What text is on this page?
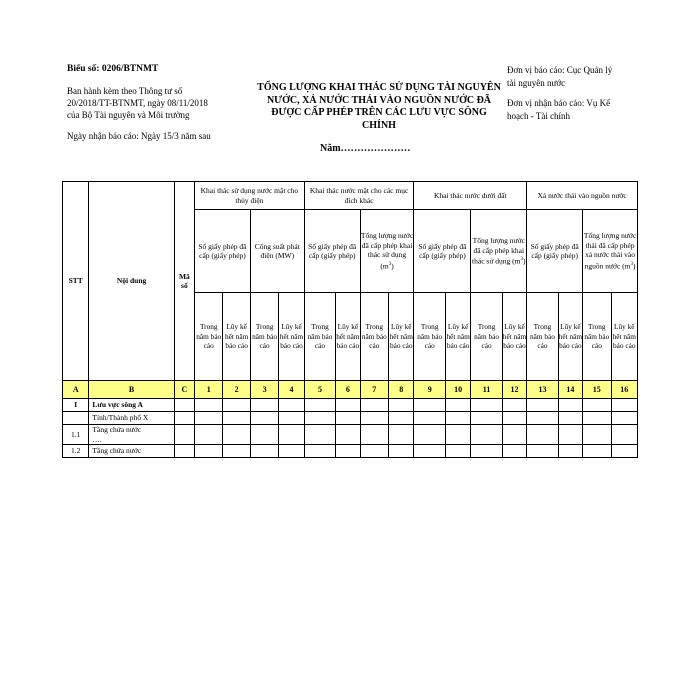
Biểu số: 0206/BTNMT
Ban hành kèm theo Thông tư số
20/2018/TT-BTNMT, ngày 08/11/2018
của Bộ Tài nguyên và Môi trường
Ngày nhận báo cáo: Ngày 15/3 năm sau
TỔNG LƯỢNG KHAI THÁC SỬ DỤNG TÀI NGUYÊN
NƯỚC, XẢ NƯỚC THẢI VÀO NGUỒN NƯỚC ĐÃ
ĐƯỢC CẤP PHÉP TRÊN CÁC LƯU VỰC SÔNG
CHÍNH
Năm…………………
Đơn vị báo cáo: Cục Quản lý
tài nguyên nước
Đơn vị nhận báo cáo: Vụ Kế
hoạch - Tài chính
STT	Nội dung	Mã số	Khai thác sử dụng nước mặt cho thủy điện				Khai thác nước mặt cho các mục đích khác				Khai thác nước dưới đất				Xả nước thải vào nguồn nước			
			Số giấy phép đã cấp (giấy phép)		Công suất phát điện (MW)		Số giấy phép đã cấp (giấy phép)		Tổng lượng nước đã cấp phép khai thác sử dụng $(m^3)$		Số giấy phép đã cấp (giấy phép)		Tổng lượng nước đã cấp phép khai thác sử dụng $(m^3)$		Số giấy phép đã cấp (giấy phép)		Tổng lượng nước thải đã cấp phép xả nước thải vào nguồn nước $(m^3)$	
			Trong năm báo cáo	Lũy kế hết năm báo cáo	Trong năm báo cáo	Lũy kế hết năm báo cáo	Trong năm báo cáo	Lũy kế hết năm báo cáo	Trong năm báo cáo	Lũy kế hết năm báo cáo	Trong năm báo cáo	Lũy kế hết năm báo cáo	Trong năm báo cáo	Lũy kế hết năm báo cáo	Trong năm báo cáo	Lũy kế hết năm báo cáo	Trong năm báo cáo	Lũy kế hết năm báo cáo
A	B	C	1	2	3	4	5	6	7	8	9	10	11	12	13	14	15	16
I	Lưu vực sông A																	
	Tỉnh/Thành phố X																	
1.1	Tầng chứa nước
….																	
1.2	Tầng chứa nước																	
